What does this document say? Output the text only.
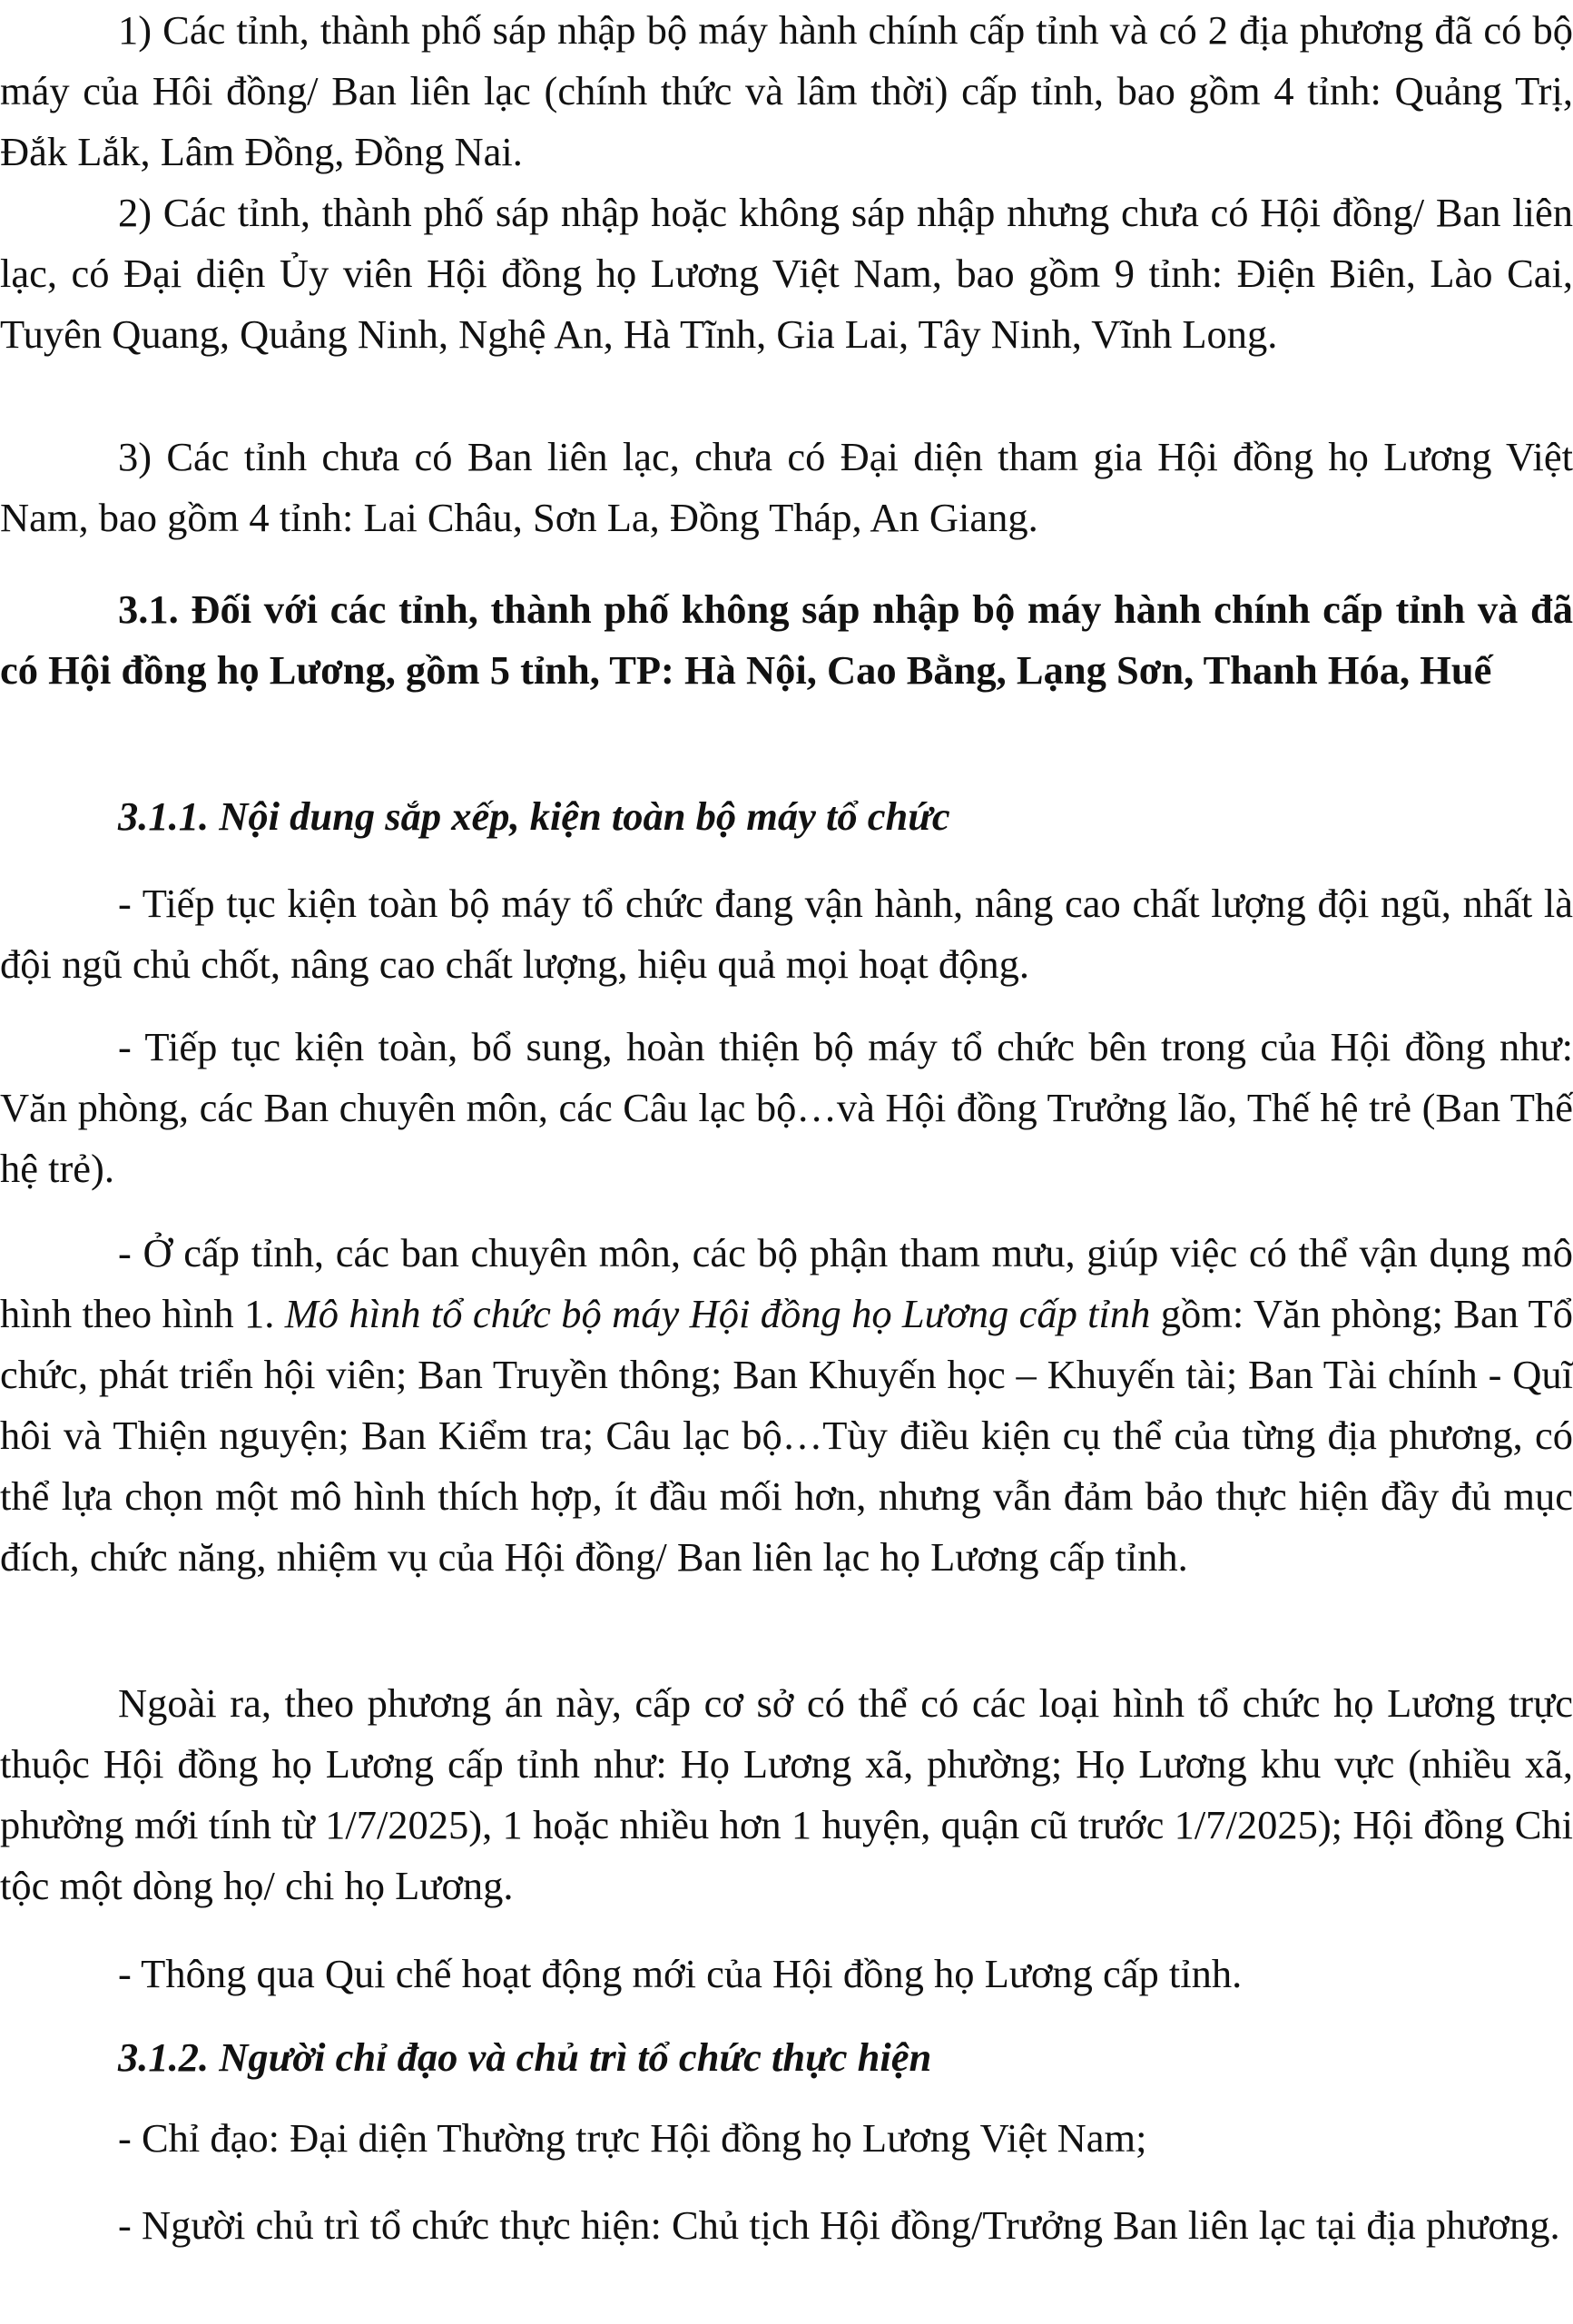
1) Các tỉnh, thành phố sáp nhập bộ máy hành chính cấp tỉnh và có 2 địa phương đã có bộ máy của Hôi đồng/ Ban liên lạc (chính thức và lâm thời) cấp tỉnh, bao gồm 4 tỉnh: Quảng Trị, Đắk Lắk, Lâm Đồng, Đồng Nai.

2) Các tỉnh, thành phố sáp nhập hoặc không sáp nhập nhưng chưa có Hội đồng/ Ban liên lạc, có Đại diện Ủy viên Hội đồng họ Lương Việt Nam, bao gồm 9 tỉnh: Điện Biên, Lào Cai, Tuyên Quang, Quảng Ninh, Nghệ An, Hà Tĩnh, Gia Lai, Tây Ninh, Vĩnh Long.

3) Các tỉnh chưa có Ban liên lạc, chưa có Đại diện tham gia Hội đồng họ Lương Việt Nam, bao gồm 4 tỉnh: Lai Châu, Sơn La, Đồng Tháp, An Giang.

3.1. Đối với các tỉnh, thành phố không sáp nhập bộ máy hành chính cấp tỉnh và đã có Hội đồng họ Lương, gồm 5 tỉnh, TP: Hà Nội, Cao Bằng, Lạng Sơn, Thanh Hóa, Huế

3.1.1. Nội dung sắp xếp, kiện toàn bộ máy tổ chức

- Tiếp tục kiện toàn bộ máy tổ chức đang vận hành, nâng cao chất lượng đội ngũ, nhất là đội ngũ chủ chốt, nâng cao chất lượng, hiệu quả mọi hoạt động.

- Tiếp tục kiện toàn, bổ sung, hoàn thiện bộ máy tổ chức bên trong của Hội đồng như: Văn phòng, các Ban chuyên môn, các Câu lạc bộ…và Hội đồng Trưởng lão, Thế hệ trẻ (Ban Thế hệ trẻ).

- Ở cấp tỉnh, các ban chuyên môn, các bộ phận tham mưu, giúp việc có thể vận dụng mô hình theo hình 1. Mô hình tổ chức bộ máy Hội đồng họ Lương cấp tỉnh gồm: Văn phòng; Ban Tổ chức, phát triển hội viên; Ban Truyền thông; Ban Khuyến học – Khuyến tài; Ban Tài chính - Quĩ hôi và Thiện nguyện; Ban Kiểm tra; Câu lạc bộ…Tùy điều kiện cụ thể của từng địa phương, có thể lựa chọn một mô hình thích hợp, ít đầu mối hơn, nhưng vẫn đảm bảo thực hiện đầy đủ mục đích, chức năng, nhiệm vụ của Hội đồng/ Ban liên lạc họ Lương cấp tỉnh.

Ngoài ra, theo phương án này, cấp cơ sở có thể có các loại hình tổ chức họ Lương trực thuộc Hội đồng họ Lương cấp tỉnh như: Họ Lương xã, phường; Họ Lương khu vực (nhiều xã, phường mới tính từ 1/7/2025), 1 hoặc nhiều hơn 1 huyện, quận cũ trước 1/7/2025); Hội đồng Chi tộc một dòng họ/ chi họ Lương.

- Thông qua Qui chế hoạt động mới của Hội đồng họ Lương cấp tỉnh.

3.1.2. Người chỉ đạo và chủ trì tổ chức thực hiện

- Chỉ đạo: Đại diện Thường trực Hội đồng họ Lương Việt Nam;

- Người chủ trì tổ chức thực hiện: Chủ tịch Hội đồng/Trưởng Ban liên lạc tại địa phương.
